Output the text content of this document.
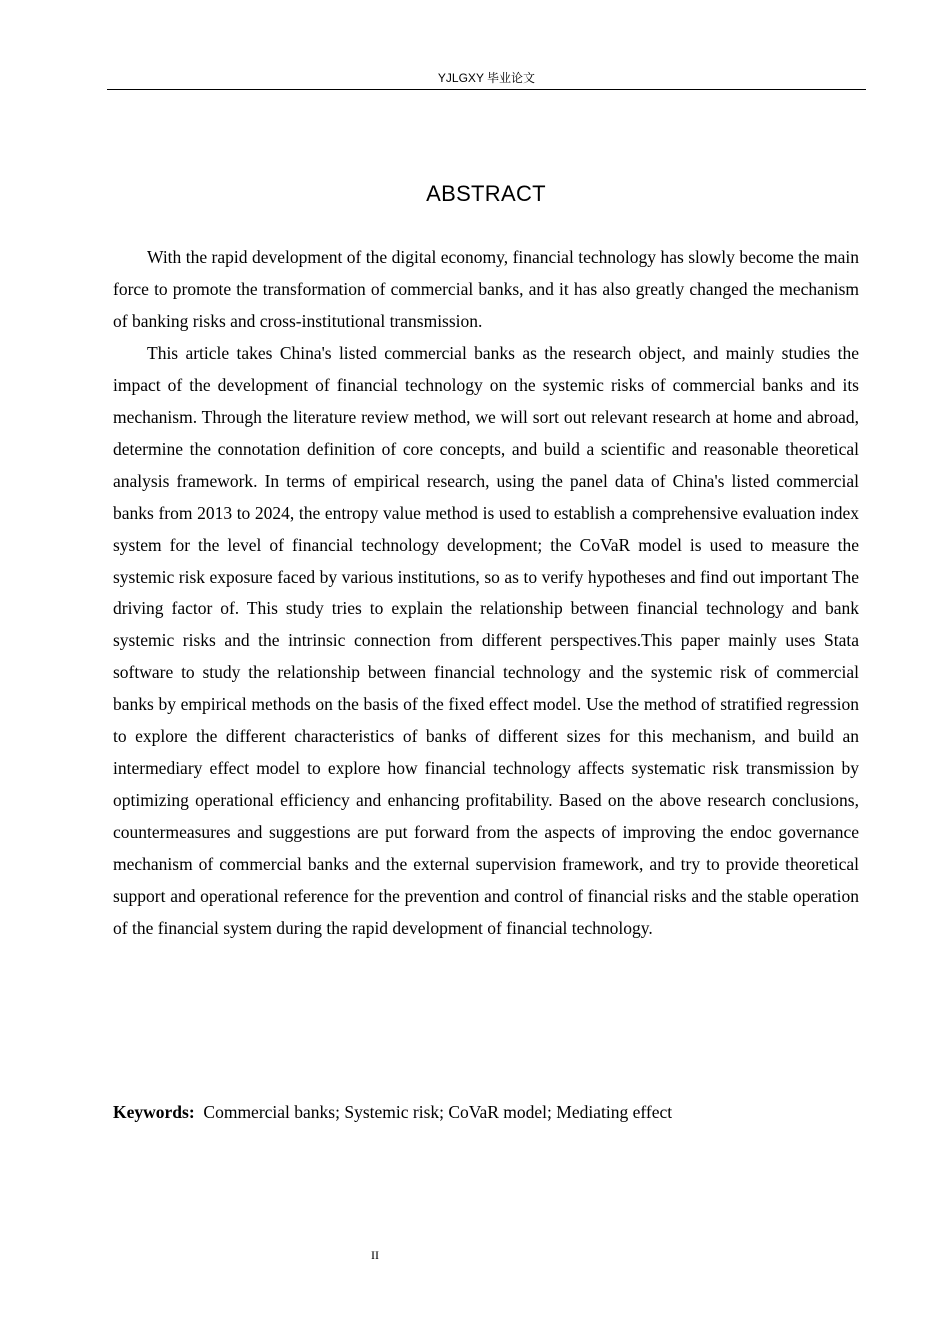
YJLGXY 毕业论文
ABSTRACT

With the rapid development of the digital economy, financial technology has slowly become the main force to promote the transformation of commercial banks, and it has also greatly changed the mechanism of banking risks and cross-institutional transmission.

This article takes China's listed commercial banks as the research object, and mainly studies the impact of the development of financial technology on the systemic risks of commercial banks and its mechanism. Through the literature review method, we will sort out relevant research at home and abroad, determine the connotation definition of core concepts, and build a scientific and reasonable theoretical analysis framework. In terms of empirical research, using the panel data of China's listed commercial banks from 2013 to 2024, the entropy value method is used to establish a comprehensive evaluation index system for the level of financial technology development; the CoVaR model is used to measure the systemic risk exposure faced by various institutions, so as to verify hypotheses and find out important The driving factor of. This study tries to explain the relationship between financial technology and bank systemic risks and the intrinsic connection from different perspectives.This paper mainly uses Stata software to study the relationship between financial technology and the systemic risk of commercial banks by empirical methods on the basis of the fixed effect model. Use the method of stratified regression to explore the different characteristics of banks of different sizes for this mechanism, and build an intermediary effect model to explore how financial technology affects systematic risk transmission by optimizing operational efficiency and enhancing profitability. Based on the above research conclusions, countermeasures and suggestions are put forward from the aspects of improving the endoc governance mechanism of commercial banks and the external supervision framework, and try to provide theoretical support and operational reference for the prevention and control of financial risks and the stable operation of the financial system during the rapid development of financial technology.

Keywords: Commercial banks; Systemic risk; CoVaR model; Mediating effect
II
